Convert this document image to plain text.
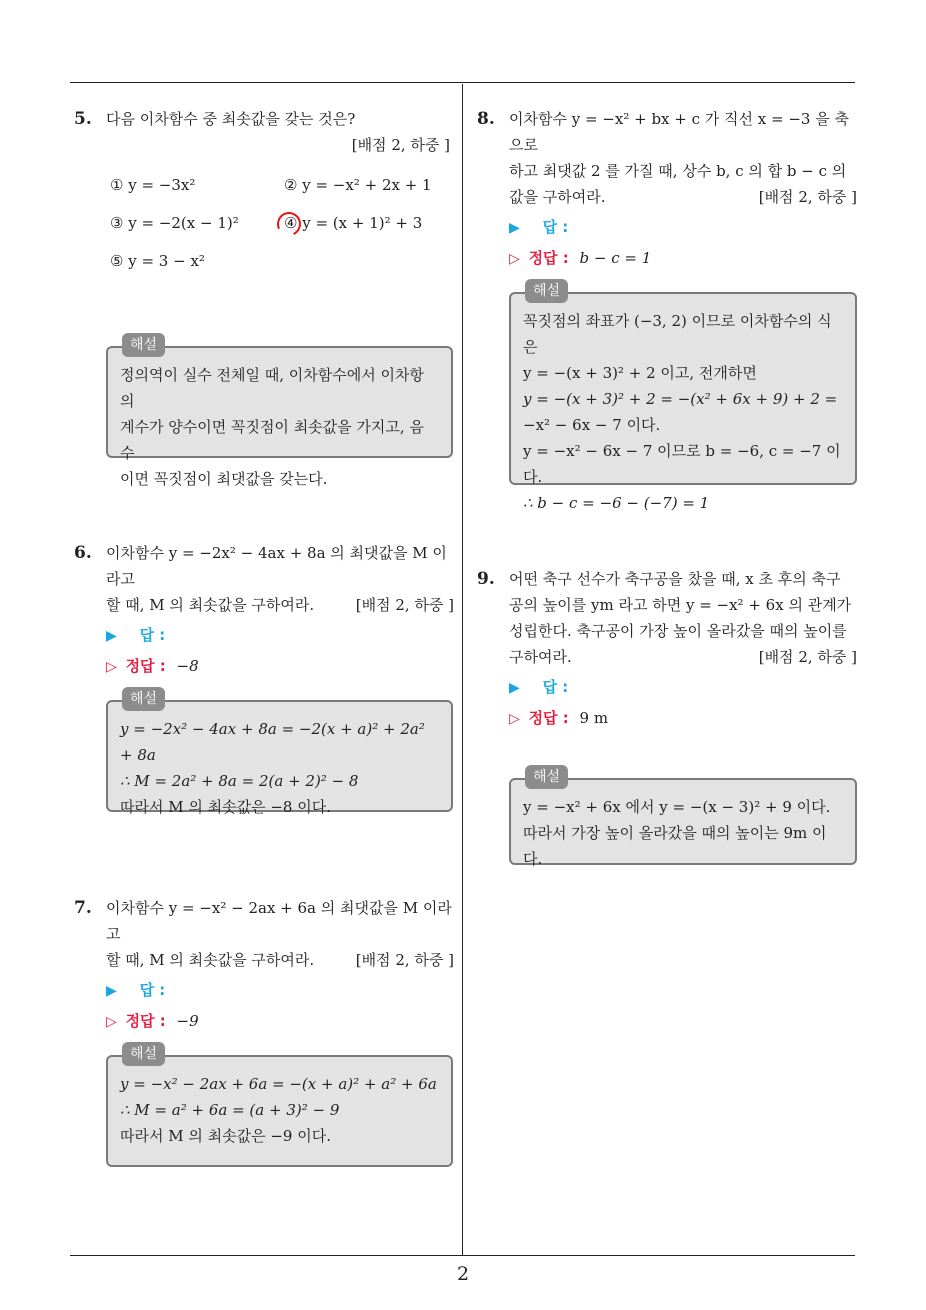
2
5. 다음 이차함수 중 최솟값을 갖는 것은?
[배점 2, 하중 ]
① y = −3x²	② y = −x² + 2x + 1
③ y = −2(x − 1)²	④ y = (x + 1)² + 3
⑤ y = 3 − x²
해설

정의역이 실수 전체일 때, 이차함수에서 이차항의

계수가 양수이면 꼭짓점이 최솟값을 가지고, 음수

이면 꼭짓점이 최댓값을 갖는다.

6. 이차함수 y = −2x² − 4ax + 8a 의 최댓값을 M 이라고
할 때, M 의 최솟값을 구하여라.	[배점 2, 하중 ]
▶ 답 :
▷ 정답 : −8
해설

y = −2x² − 4ax + 8a = −2(x + a)² + 2a² + 8a

∴ M = 2a² + 8a = 2(a + 2)² − 8

따라서 M 의 최솟값은 −8 이다.

7. 이차함수 y = −x² − 2ax + 6a 의 최댓값을 M 이라고
할 때, M 의 최솟값을 구하여라.	[배점 2, 하중 ]
▶ 답 :
▷ 정답 : −9
해설

y = −x² − 2ax + 6a = −(x + a)² + a² + 6a

∴ M = a² + 6a = (a + 3)² − 9

따라서 M 의 최솟값은 −9 이다.

8. 이차함수 y = −x² + bx + c 가 직선 x = −3 을 축으로
하고 최댓값 2 를 가질 때, 상수 b, c 의 합 b − c 의
값을 구하여라.	[배점 2, 하중 ]
▶ 답 :
▷ 정답 : b − c = 1
해설

꼭짓점의 좌표가 (−3, 2) 이므로 이차함수의 식은

y = −(x + 3)² + 2 이고, 전개하면

y = −(x + 3)² + 2 = −(x² + 6x + 9) + 2 =

−x² − 6x − 7 이다.

y = −x² − 6x − 7 이므로 b = −6, c = −7 이다.

∴ b − c = −6 − (−7) = 1

9. 어떤 축구 선수가 축구공을 찼을 때, x 초 후의 축구
공의 높이를 ym 라고 하면 y = −x² + 6x 의 관계가
성립한다. 축구공이 가장 높이 올라갔을 때의 높이를
구하여라.	[배점 2, 하중 ]
▶ 답 :
▷ 정답 : 9 m
해설

y = −x² + 6x 에서 y = −(x − 3)² + 9 이다.

따라서 가장 높이 올라갔을 때의 높이는 9m 이다.
